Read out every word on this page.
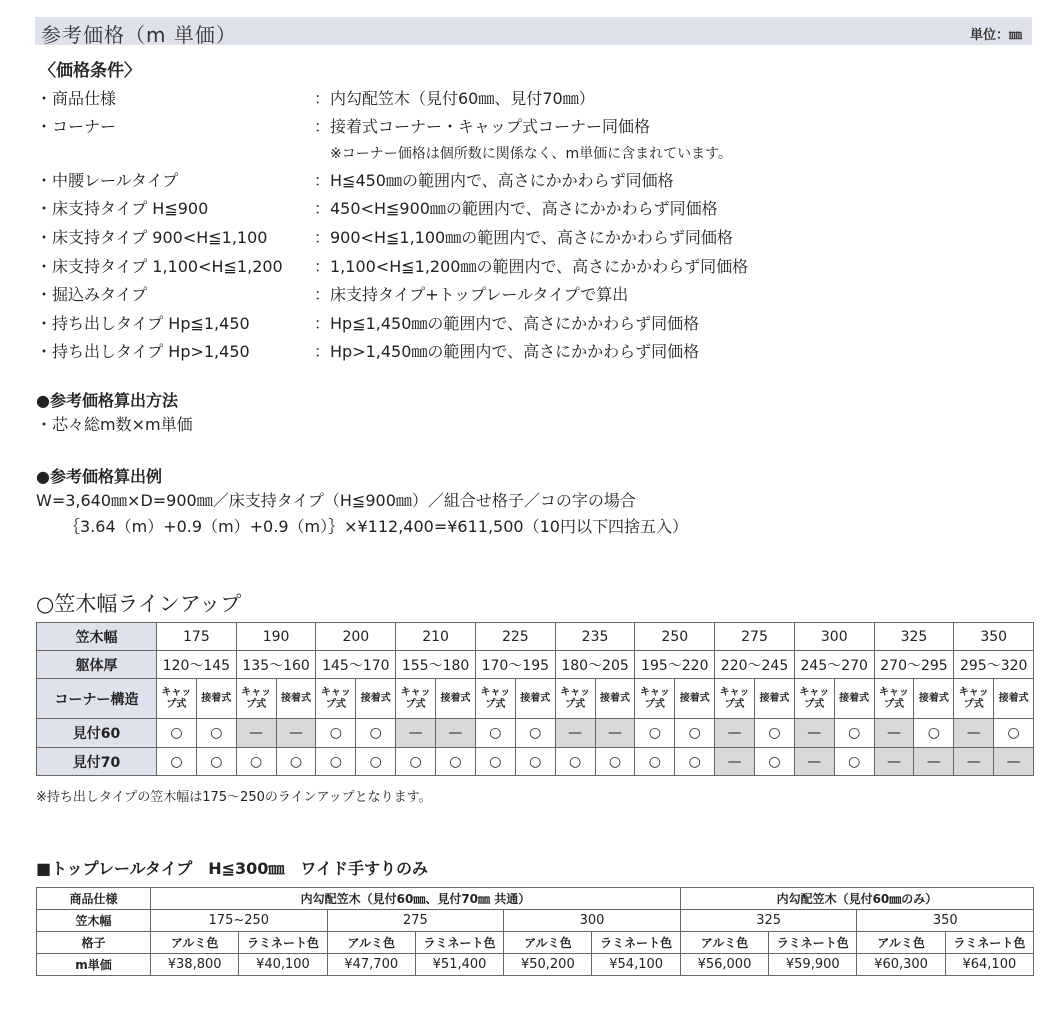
参考価格（m 単価）	単位：㎜
〈価格条件〉
・商品仕様	：内勾配笠木（見付60㎜、見付70㎜）
・コーナー	：接着式コーナー・キャップ式コーナー同価格
・中腰レールタイプ	：H≦450㎜の範囲内で、高さにかかわらず同価格
・床支持タイプ H≦900	：450<H≦900㎜の範囲内で、高さにかかわらず同価格
・床支持タイプ 900<H≦1,100	：900<H≦1,100㎜の範囲内で、高さにかかわらず同価格
・床支持タイプ 1,100<H≦1,200 ：1,100<H≦1,200㎜の範囲内で、高さにかかわらず同価格
・掘込みタイプ	：床支持タイプ+トップレールタイプで算出
・持ち出しタイプ Hp≦1,450	：Hp≦1,450㎜の範囲内で、高さにかかわらず同価格
・持ち出しタイプ Hp>1,450	：Hp>1,450㎜の範囲内で、高さにかかわらず同価格
※コーナー価格は個所数に関係なく、m単価に含まれています。
●参考価格算出方法
・芯々総m数×m単価
●参考価格算出例
W=3,640㎜×D=900㎜／床支持タイプ（H≦900㎜）／組合せ格子／コの字の場合
｛3.64（m）+0.9（m）+0.9（m）｝×¥112,400=¥611,500（10円以下四捨五入）
○笠木幅ラインアップ
笠木幅	175		190		200		210		225		235		250		275		300		325		350	
躯体厚	120～145		135～160		145～170		155～180		170～195		180～205		195～220		220～245		245～270		270～295		295～320	
コーナー構造	キャップ式	接着式	キャップ式	接着式	キャップ式	接着式	キャップ式	接着式	キャップ式	接着式	キャップ式	接着式	キャップ式	接着式	キャップ式	接着式	キャップ式	接着式	キャップ式	接着式	キャップ式	接着式
見付60	○	○	—	—	○	○	—	—	○	○	—	—	○	○	—	○	—	○	—	○	—	○
見付70	○	○	○	○	○	○	○	○	○	○	○	○	○	○	—	○	—	○	—	—	—	—
※持ち出しタイプの笠木幅は175～250のラインアップとなります。
■トップレールタイプ　H≦300㎜　ワイド手すりのみ
商品仕様	内勾配笠木（見付60㎜、見付70㎜ 共通）						内勾配笠木（見付60㎜のみ）			
笠木幅	175~250		275		300		325		350	
格子	アルミ色	ラミネート色	アルミ色	ラミネート色	アルミ色	ラミネート色	アルミ色	ラミネート色	アルミ色	ラミネート色
m単価	¥38,800	¥40,100	¥47,700	¥51,400	¥50,200	¥54,100	¥56,000	¥59,900	¥60,300	¥64,100
